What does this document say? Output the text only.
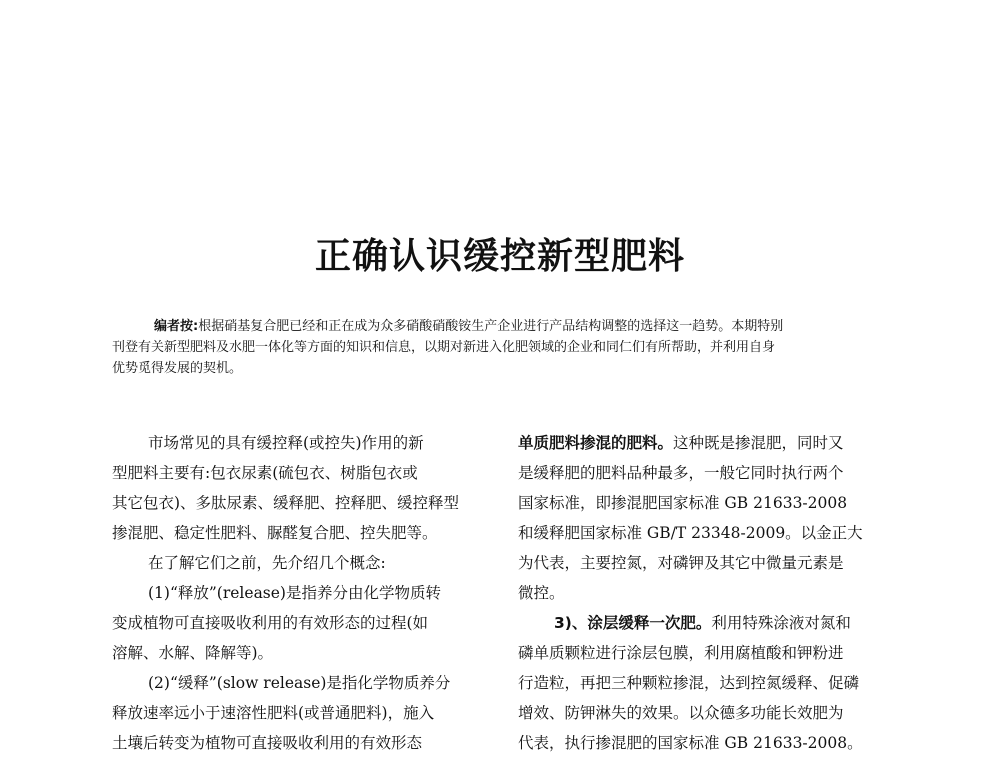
正确认识缓控新型肥料
编者按:根据硝基复合肥已经和正在成为众多硝酸硝酸铵生产企业进行产品结构调整的选择这一趋势。本期特别
刊登有关新型肥料及水肥一体化等方面的知识和信息，以期对新进入化肥领域的企业和同仁们有所帮助，并利用自身
优势觅得发展的契机。
市场常见的具有缓控释(或控失)作用的新
型肥料主要有:包衣尿素(硫包衣、树脂包衣或
其它包衣)、多肽尿素、缓释肥、控释肥、缓控释型
掺混肥、稳定性肥料、脲醛复合肥、控失肥等。
在了解它们之前，先介绍几个概念:
(1)“释放”(release)是指养分由化学物质转
变成植物可直接吸收利用的有效形态的过程(如
溶解、水解、降解等)。
(2)“缓释”(slow release)是指化学物质养分
释放速率远小于速溶性肥料(或普通肥料)，施入
土壤后转变为植物可直接吸收利用的有效形态
单质肥料掺混的肥料。这种既是掺混肥，同时又
是缓释肥的肥料品种最多，一般它同时执行两个
国家标准，即掺混肥国家标准 GB 21633-2008
和缓释肥国家标准 GB/T 23348-2009。以金正大
为代表，主要控氮，对磷钾及其它中微量元素是
微控。
3)、涂层缓释一次肥。利用特殊涂液对氮和
磷单质颗粒进行涂层包膜，利用腐植酸和钾粉进
行造粒，再把三种颗粒掺混，达到控氮缓释、促磷
增效、防钾淋失的效果。以众德多功能长效肥为
代表，执行掺混肥的国家标准 GB 21633-2008。
